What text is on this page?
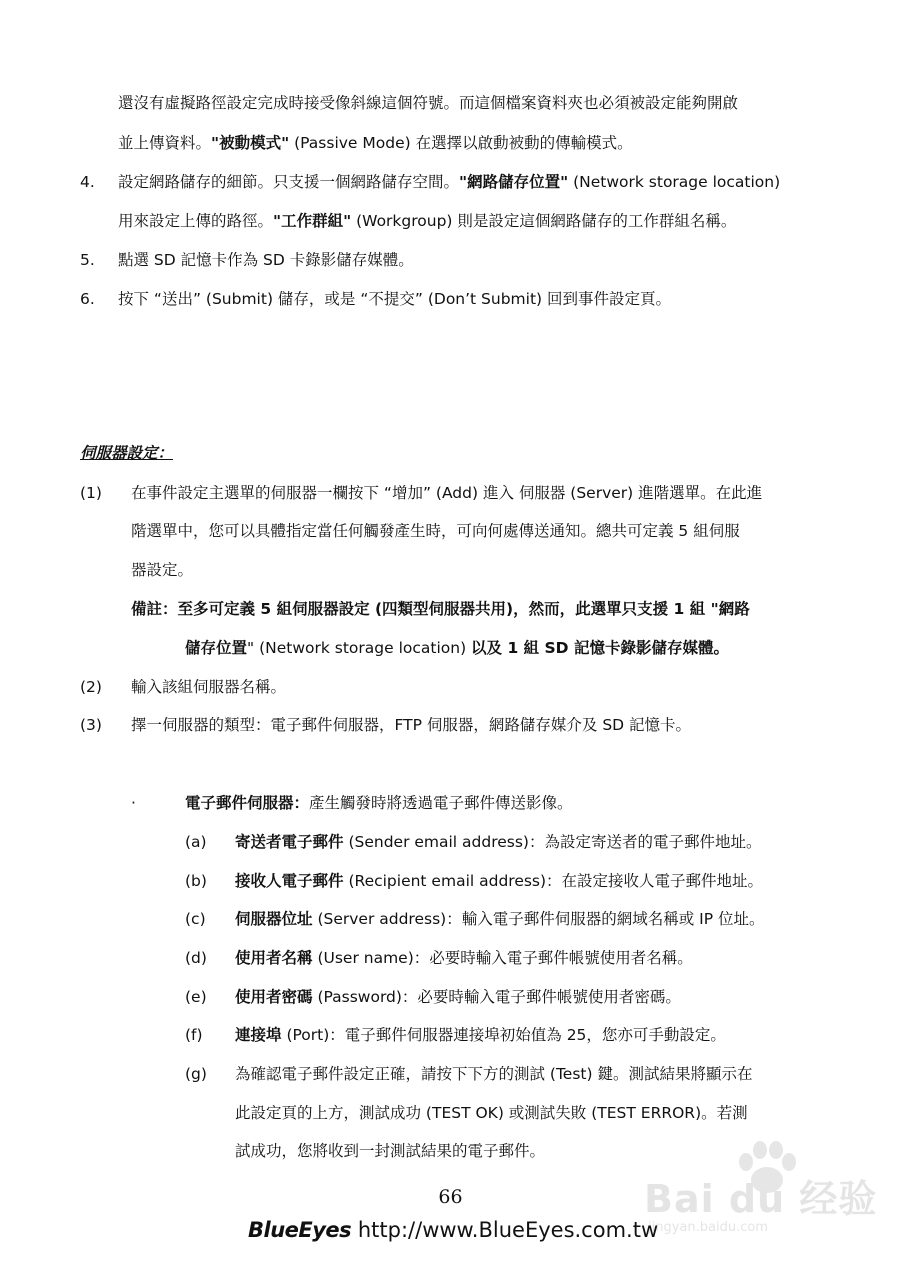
還沒有虛擬路徑設定完成時接受像斜線這個符號。而這個檔案資料夾也必須被設定能夠開啟
並上傳資料。"被動模式" (Passive Mode) 在選擇以啟動被動的傳輸模式。
4. 設定網路儲存的細節。只支援一個網路儲存空間。"網路儲存位置" (Network storage location)
用來設定上傳的路徑。"工作群組" (Workgroup) 則是設定這個網路儲存的工作群組名稱。
5. 點選 SD 記憶卡作為 SD 卡錄影儲存媒體。
6. 按下 “送出” (Submit) 儲存，或是 “不提交” (Don’t Submit) 回到事件設定頁。
伺服器設定：
(1) 在事件設定主選單的伺服器一欄按下 “增加” (Add) 進入 伺服器 (Server) 進階選單。在此進
階選單中，您可以具體指定當任何觸發產生時，可向何處傳送通知。總共可定義 5 組伺服
器設定。
備註：至多可定義 5 組伺服器設定 (四類型伺服器共用)，然而，此選單只支援 1 組 "網路
儲存位置" (Network storage location) 以及 1 組 SD 記憶卡錄影儲存媒體。
(2) 輸入該組伺服器名稱。
(3) 擇一伺服器的類型：電子郵件伺服器，FTP 伺服器，網路儲存媒介及 SD 記憶卡。
·	電子郵件伺服器：產生觸發時將透過電子郵件傳送影像。
(a) 寄送者電子郵件 (Sender email address)：為設定寄送者的電子郵件地址。
(b) 接收人電子郵件 (Recipient email address)：在設定接收人電子郵件地址。
(c) 伺服器位址 (Server address)：輸入電子郵件伺服器的網域名稱或 IP 位址。
(d) 使用者名稱 (User name)：必要時輸入電子郵件帳號使用者名稱。
(e) 使用者密碼 (Password)：必要時輸入電子郵件帳號使用者密碼。
(f) 連接埠 (Port)：電子郵件伺服器連接埠初始值為 25，您亦可手動設定。
(g) 為確認電子郵件設定正確，請按下下方的測試 (Test) 鍵。測試結果將顯示在
此設定頁的上方，測試成功 (TEST OK) 或測試失敗 (TEST ERROR)。若測
試成功，您將收到一封測試結果的電子郵件。
Bai du 经验
jingyan.baidu.com
66
BlueEyes http://www.BlueEyes.com.tw
